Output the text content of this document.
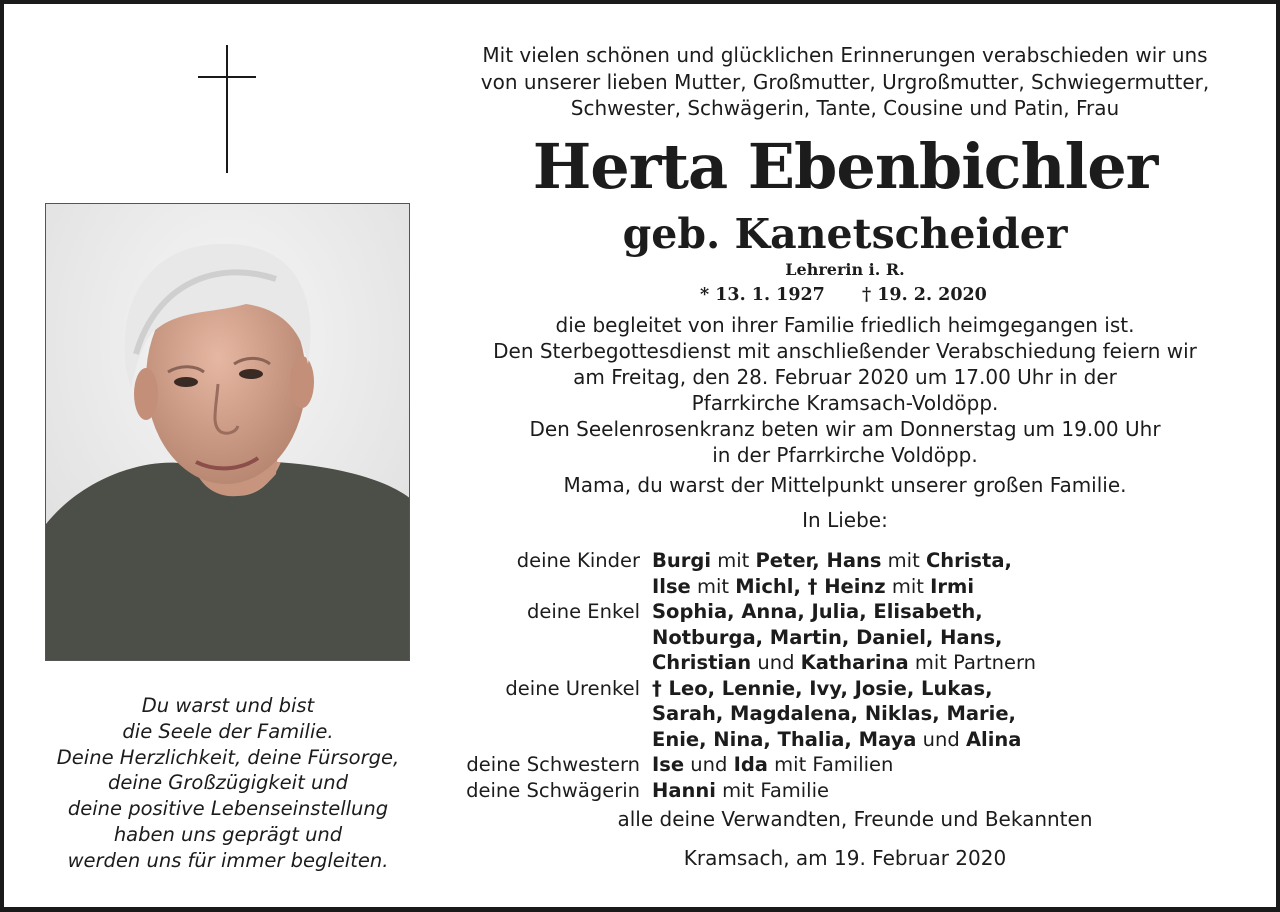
Du warst und bist
die Seele der Familie.
Deine Herzlichkeit, deine Fürsorge,
deine Großzügigkeit und
deine positive Lebenseinstellung
haben uns geprägt und
werden uns für immer begleiten.
Mit vielen schönen und glücklichen Erinnerungen verabschieden wir uns
von unserer lieben Mutter, Großmutter, Urgroßmutter, Schwiegermutter,
Schwester, Schwägerin, Tante, Cousine und Patin, Frau
Herta Ebenbichler
geb. Kanetscheider
Lehrerin i. R.
* 13. 1. 1927 † 19. 2. 2020
die begleitet von ihrer Familie friedlich heimgegangen ist.
Den Sterbegottesdienst mit anschließender Verabschiedung feiern wir
am Freitag, den 28. Februar 2020 um 17.00 Uhr in der
Pfarrkirche Kramsach-Voldöpp.
Den Seelenrosenkranz beten wir am Donnerstag um 19.00 Uhr
in der Pfarrkirche Voldöpp.
Mama, du warst der Mittelpunkt unserer großen Familie.
In Liebe:
deine Kinder Burgi mit Peter, Hans mit Christa,
Ilse mit Michl, † Heinz mit Irmi
deine Enkel Sophia, Anna, Julia, Elisabeth,
Notburga, Martin, Daniel, Hans,
Christian und Katharina mit Partnern
deine Urenkel † Leo, Lennie, Ivy, Josie, Lukas,
Sarah, Magdalena, Niklas, Marie,
Enie, Nina, Thalia, Maya und Alina
deine Schwestern Ise und Ida mit Familien
deine Schwägerin Hanni mit Familie
alle deine Verwandten, Freunde und Bekannten
Kramsach, am 19. Februar 2020
